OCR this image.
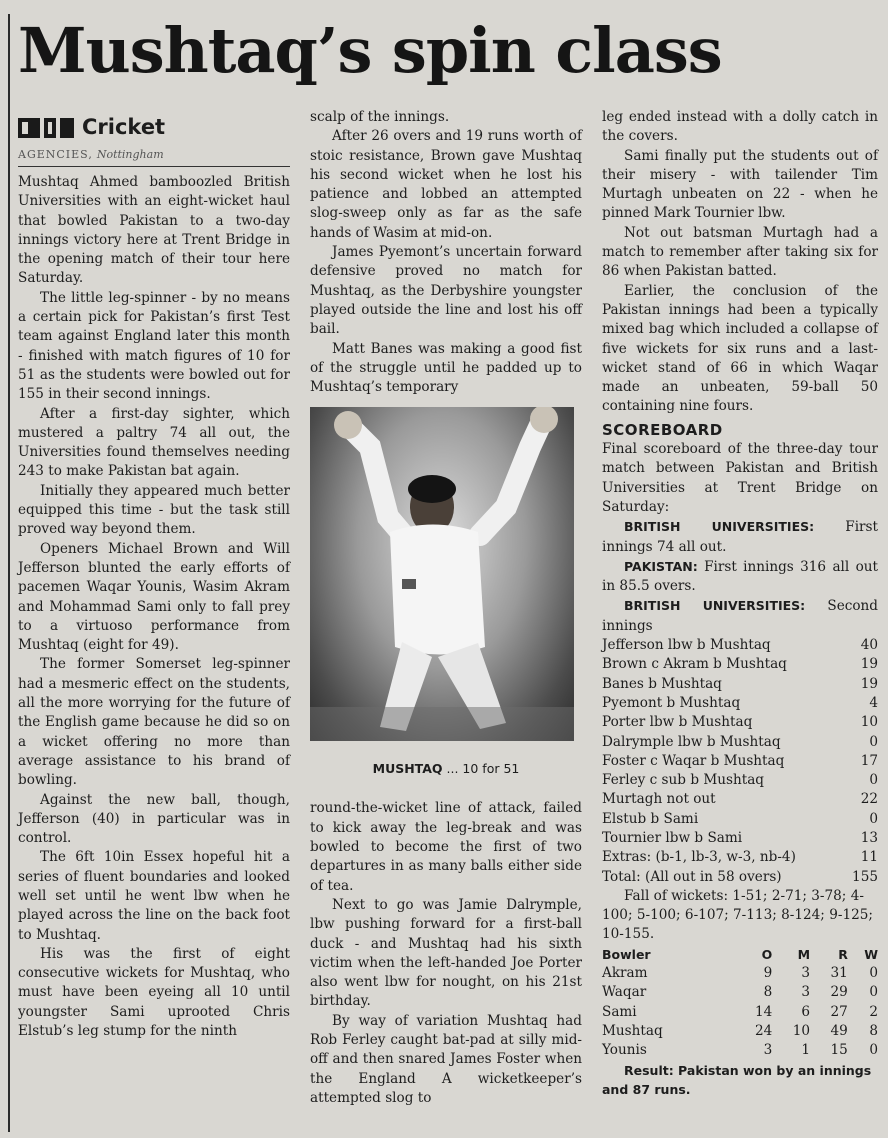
Mushtaq’s spin class
Cricket
AGENCIES, Nottingham

Mushtaq Ahmed bamboozled British Universities with an eight-wicket haul that bowled Pakistan to a two-day innings victory here at Trent Bridge in the opening match of their tour here Saturday.

The little leg-spinner - by no means a certain pick for Pakistan’s first Test team against England later this month - finished with match figures of 10 for 51 as the students were bowled out for 155 in their second innings.

After a first-day sighter, which mustered a paltry 74 all out, the Universities found themselves needing 243 to make Pakistan bat again.

Initially they appeared much better equipped this time - but the task still proved way beyond them.

Openers Michael Brown and Will Jefferson blunted the early efforts of pacemen Waqar Younis, Wasim Akram and Mohammad Sami only to fall prey to a virtuoso performance from Mushtaq (eight for 49).

The former Somerset leg-spinner had a mesmeric effect on the students, all the more worrying for the future of the English game because he did so on a wicket offering no more than average assistance to his brand of bowling.

Against the new ball, though, Jefferson (40) in particular was in control.

The 6ft 10in Essex hopeful hit a series of fluent boundaries and looked well set until he went lbw when he played across the line on the back foot to Mushtaq.

His was the first of eight consecutive wickets for Mushtaq, who must have been eyeing all 10 until youngster Sami uprooted Chris Elstub’s leg stump for the ninth

scalp of the innings.

After 26 overs and 19 runs worth of stoic resistance, Brown gave Mushtaq his second wicket when he lost his patience and lobbed an attempted slog-sweep only as far as the safe hands of Wasim at mid-on.

James Pyemont’s uncertain forward defensive proved no match for Mushtaq, as the Derbyshire youngster played outside the line and lost his off bail.

Matt Banes was making a good fist of the struggle until he padded up to Mushtaq’s temporary

MUSHTAQ ... 10 for 51

round-the-wicket line of attack, failed to kick away the leg-break and was bowled to become the first of two departures in as many balls either side of tea.

Next to go was Jamie Dalrymple, lbw pushing forward for a first-ball duck - and Mushtaq had his sixth victim when the left-handed Joe Porter also went lbw for nought, on his 21st birthday.

By way of variation Mushtaq had Rob Ferley caught bat-pad at silly mid-off and then snared James Foster when the England A wicketkeeper’s attempted slog to

leg ended instead with a dolly catch in the covers.

Sami finally put the students out of their misery - with tailender Tim Murtagh unbeaten on 22 - when he pinned Mark Tournier lbw.

Not out batsman Murtagh had a match to remember after taking six for 86 when Pakistan batted.

Earlier, the conclusion of the Pakistan innings had been a typically mixed bag which included a collapse of five wickets for six runs and a last-wicket stand of 66 in which Waqar made an unbeaten, 59-ball 50 containing nine fours.

SCOREBOARD

Final scoreboard of the three-day tour match between Pakistan and British Universities at Trent Bridge on Saturday:

BRITISH UNIVERSITIES: First innings 74 all out.

PAKISTAN: First innings 316 all out in 85.5 overs.

BRITISH UNIVERSITIES: Second innings

Jefferson lbw b Mushtaq	40
Brown c Akram b Mushtaq	19
Banes b Mushtaq	19
Pyemont b Mushtaq	4
Porter lbw b Mushtaq	10
Dalrymple lbw b Mushtaq	0
Foster c Waqar b Mushtaq	17
Ferley c sub b Mushtaq	0
Murtagh not out	22
Elstub b Sami	0
Tournier lbw b Sami	13
Extras: (b-1, lb-3, w-3, nb-4)	11
Total: (All out in 58 overs)	155

Fall of wickets: 1-51; 2-71; 3-78; 4-100; 5-100; 6-107; 7-113; 8-124; 9-125; 10-155.

Bowler	O	M	R	W
Akram	9	3	31	0
Waqar	8	3	29	0
Sami	14	6	27	2
Mushtaq	24	10	49	8
Younis	3	1	15	0

Result: Pakistan won by an innings and 87 runs.
